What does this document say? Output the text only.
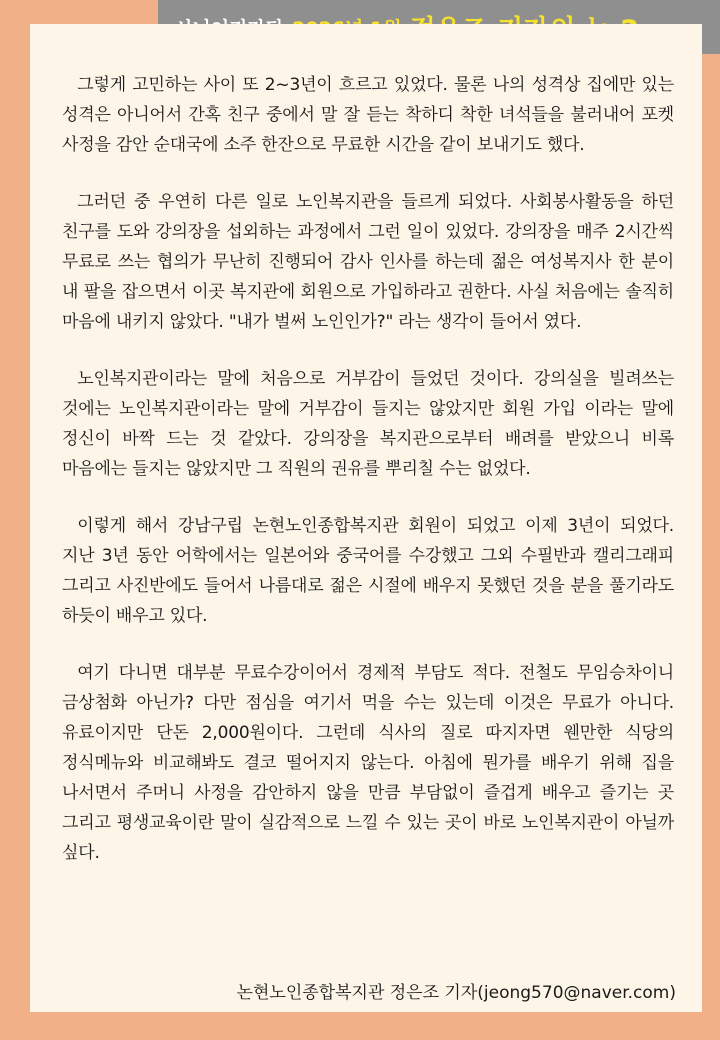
그렇게 고민하는 사이 또 2~3년이 흐르고 있었다. 물론 나의 성격상 집에만 있는 성격은 아니어서 간혹 친구 중에서 말 잘 듣는 착하디 착한 녀석들을 불러내어 포켓 사정을 감안 순대국에 소주 한잔으로 무료한 시간을 같이 보내기도 했다.

그러던 중 우연히 다른 일로 노인복지관을 들르게 되었다. 사회봉사활동을 하던 친구를 도와 강의장을 섭외하는 과정에서 그런 일이 있었다. 강의장을 매주 2시간씩 무료로 쓰는 협의가 무난히 진행되어 감사 인사를 하는데 젊은 여성복지사 한 분이 내 팔을 잡으면서 이곳 복지관에 회원으로 가입하라고 권한다. 사실 처음에는 솔직히 마음에 내키지 않았다. "내가 벌써 노인인가?" 라는 생각이 들어서 였다.

노인복지관이라는 말에 처음으로 거부감이 들었던 것이다. 강의실을 빌려쓰는 것에는 노인복지관이라는 말에 거부감이 들지는 않았지만 회원 가입 이라는 말에 정신이 바짝 드는 것 같았다. 강의장을 복지관으로부터 배려를 받았으니 비록 마음에는 들지는 않았지만 그 직원의 권유를 뿌리칠 수는 없었다.

이렇게 해서 강남구립 논현노인종합복지관 회원이 되었고 이제 3년이 되었다. 지난 3년 동안 어학에서는 일본어와 중국어를 수강했고 그외 수필반과 캘리그래피 그리고 사진반에도 들어서 나름대로 젊은 시절에 배우지 못했던 것을 분을 풀기라도 하듯이 배우고 있다.

여기 다니면 대부분 무료수강이어서 경제적 부담도 적다. 전철도 무임승차이니 금상첨화 아닌가? 다만 점심을 여기서 먹을 수는 있는데 이것은 무료가 아니다. 유료이지만 단돈 2,000원이다. 그런데 식사의 질로 따지자면 웬만한 식당의 정식메뉴와 비교해봐도 결코 떨어지지 않는다. 아침에 뭔가를 배우기 위해 집을 나서면서 주머니 사정을 감안하지 않을 만큼 부담없이 즐겁게 배우고 즐기는 곳 그리고 평생교육이란 말이 실감적으로 느낄 수 있는 곳이 바로 노인복지관이 아닐까 싶다.

논현노인종합복지관 정은조 기자(jeong570@naver.com)
